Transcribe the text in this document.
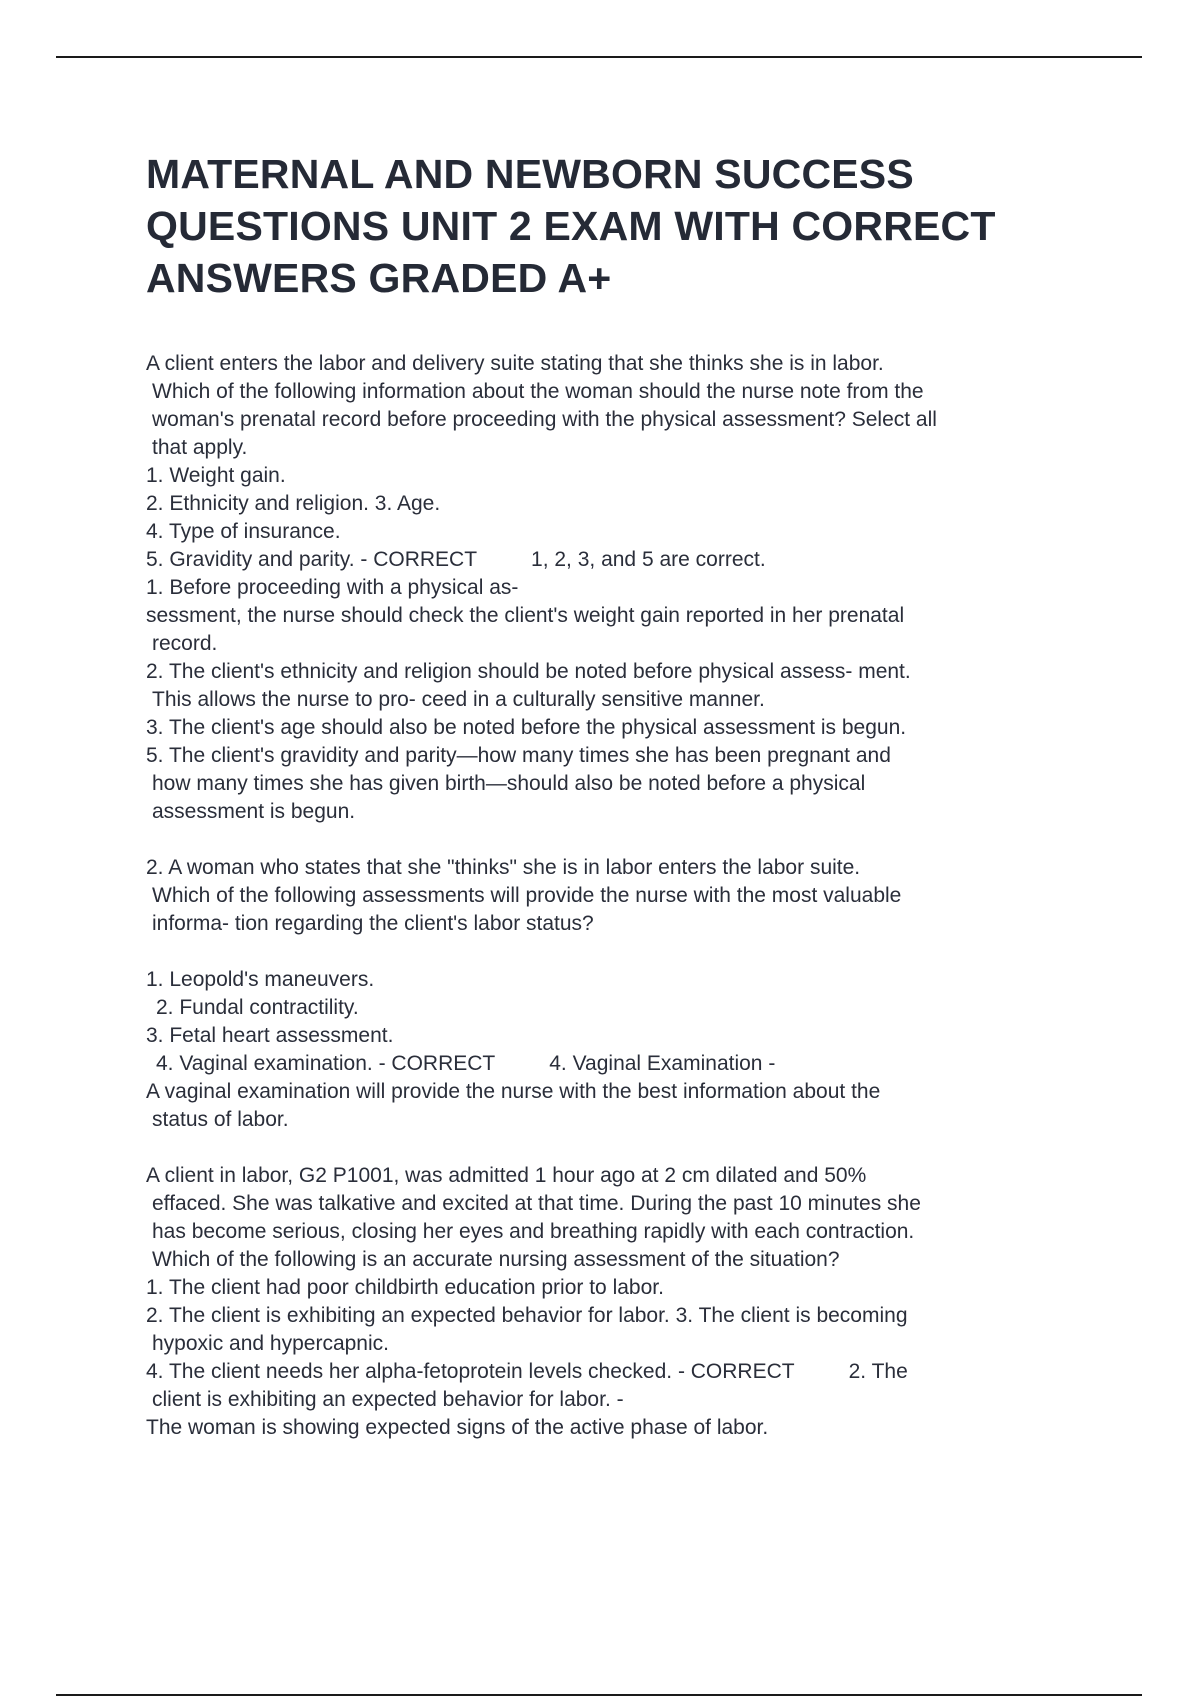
MATERNAL AND NEWBORN SUCCESS
QUESTIONS UNIT 2 EXAM WITH CORRECT
ANSWERS GRADED A+
A client enters the labor and delivery suite stating that she thinks she is in labor.
Which of the following information about the woman should the nurse note from the
woman's prenatal record before proceeding with the physical assessment? Select all
that apply.
1. Weight gain.
2. Ethnicity and religion. 3. Age.
4. Type of insurance.
5. Gravidity and parity. - CORRECT	1, 2, 3, and 5 are correct.
1. Before proceeding with a physical as-
sessment, the nurse should check the client's weight gain reported in her prenatal
record.
2. The client's ethnicity and religion should be noted before physical assess- ment.
This allows the nurse to pro- ceed in a culturally sensitive manner.
3. The client's age should also be noted before the physical assessment is begun.
5. The client's gravidity and parity—how many times she has been pregnant and
how many times she has given birth—should also be noted before a physical
assessment is begun.
2. A woman who states that she "thinks" she is in labor enters the labor suite.
Which of the following assessments will provide the nurse with the most valuable
informa- tion regarding the client's labor status?
1. Leopold's maneuvers.
2. Fundal contractility.
3. Fetal heart assessment.
4. Vaginal examination. - CORRECT	4. Vaginal Examination -
A vaginal examination will provide the nurse with the best information about the
status of labor.
A client in labor, G2 P1001, was admitted 1 hour ago at 2 cm dilated and 50%
effaced. She was talkative and excited at that time. During the past 10 minutes she
has become serious, closing her eyes and breathing rapidly with each contraction.
Which of the following is an accurate nursing assessment of the situation?
1. The client had poor childbirth education prior to labor.
2. The client is exhibiting an expected behavior for labor. 3. The client is becoming
hypoxic and hypercapnic.
4. The client needs her alpha-fetoprotein levels checked. - CORRECT	2. The
client is exhibiting an expected behavior for labor. -
The woman is showing expected signs of the active phase of labor.
